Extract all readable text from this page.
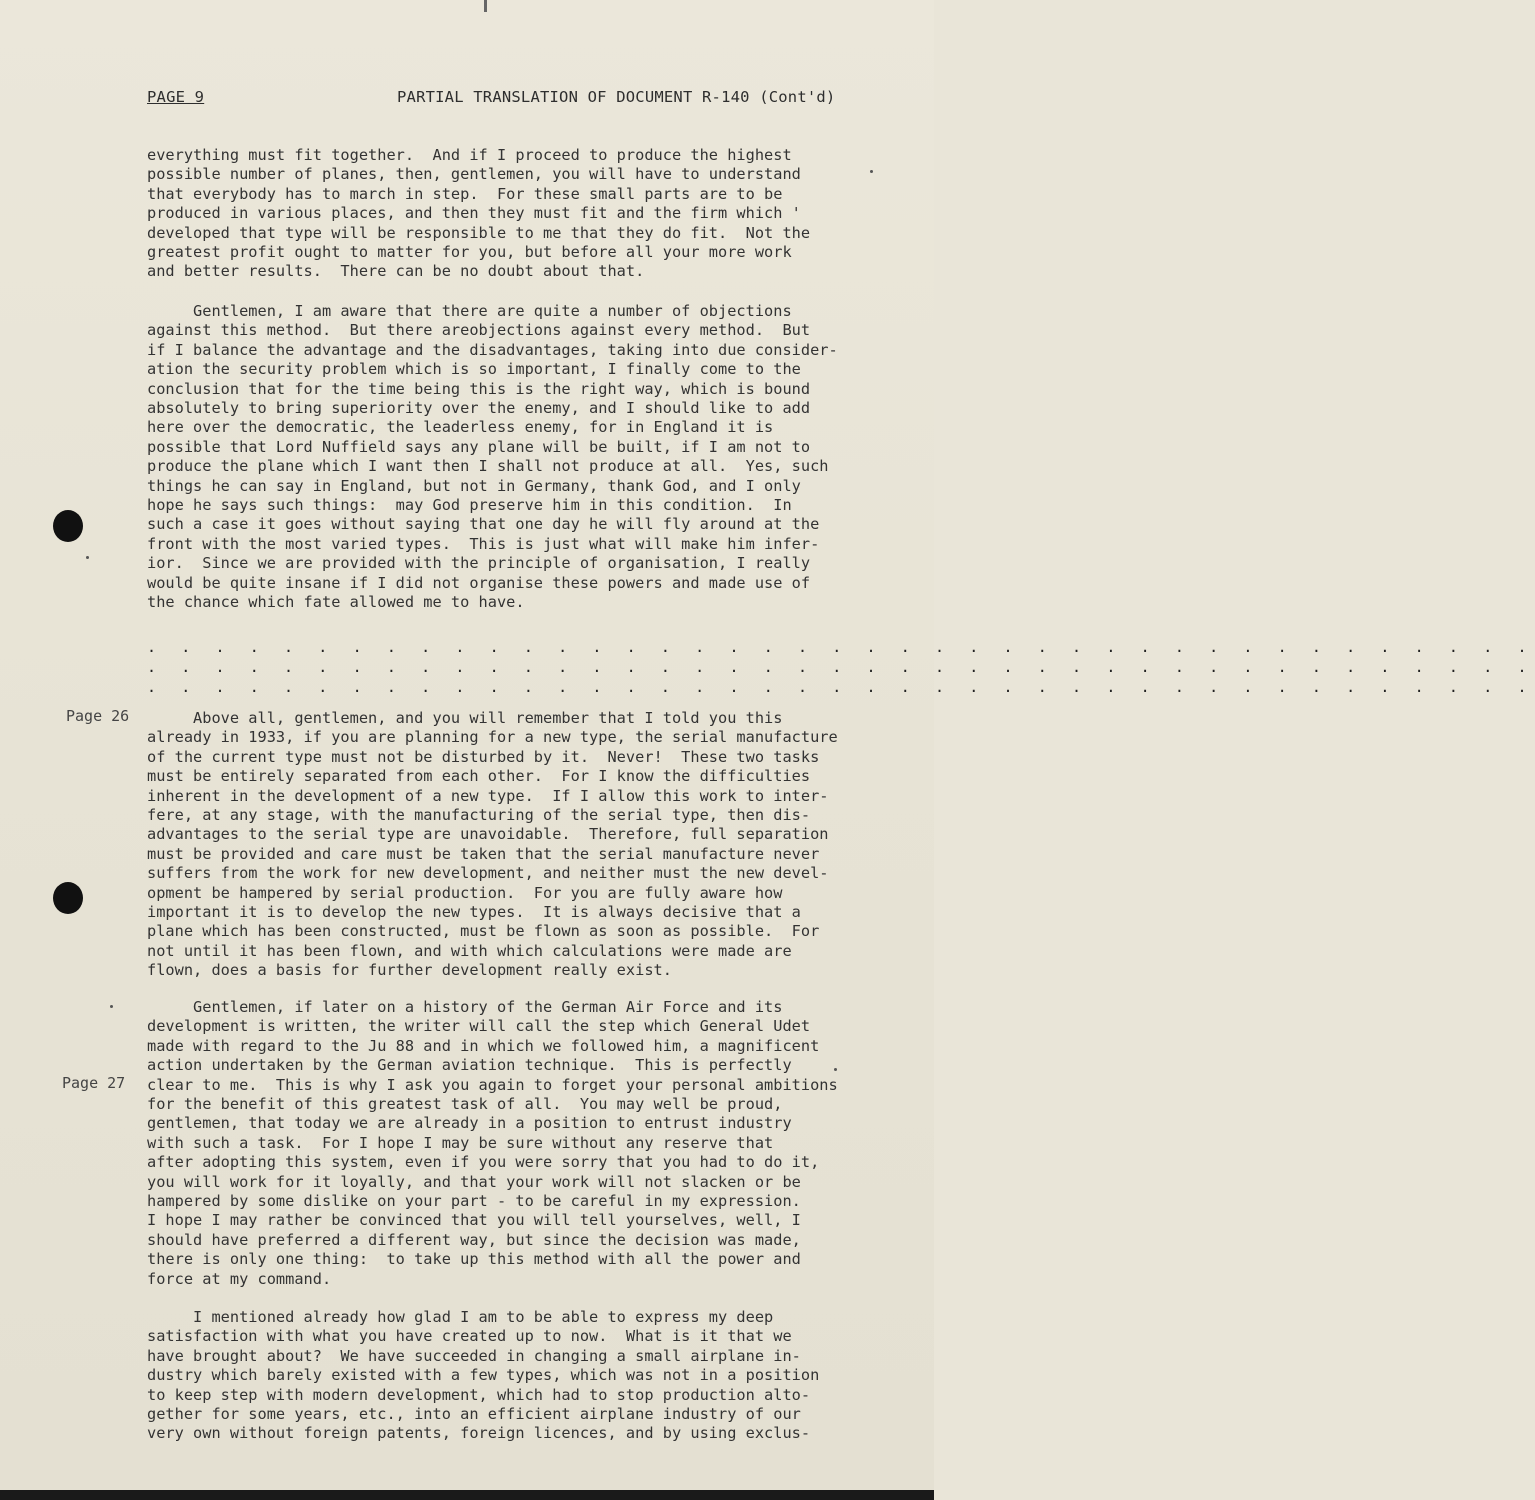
PAGE 9	PARTIAL TRANSLATION OF DOCUMENT R-140 (Cont'd)
everything must fit together.  And if I proceed to produce the highest
possible number of planes, then, gentlemen, you will have to understand
that everybody has to march in step.  For these small parts are to be
produced in various places, and then they must fit and the firm which '
developed that type will be responsible to me that they do fit.  Not the
greatest profit ought to matter for you, but before all your more work
and better results.  There can be no doubt about that.
Gentlemen, I am aware that there are quite a number of objections
against this method.  But there areobjections against every method.  But
if I balance the advantage and the disadvantages, taking into due consider-
ation the security problem which is so important, I finally come to the
conclusion that for the time being this is the right way, which is bound
absolutely to bring superiority over the enemy, and I should like to add
here over the democratic, the leaderless enemy, for in England it is
possible that Lord Nuffield says any plane will be built, if I am not to
produce the plane which I want then I shall not produce at all.  Yes, such
things he can say in England, but not in Germany, thank God, and I only
hope he says such things:  may God preserve him in this condition.  In
such a case it goes without saying that one day he will fly around at the
front with the most varied types.  This is just what will make him infer-
ior.  Since we are provided with the principle of organisation, I really
would be quite insane if I did not organise these powers and made use of
the chance which fate allowed me to have.
. . . . . . . . . . . . . . . . . . . . . . . . . . . . . . . . . . . . . . . . .
. . . . . . . . . . . . . . . . . . . . . . . . . . . . . . . . . . . . . . . . .
. . . . . . . . . . . . . . . . . . . . . . . . . . . . . . . . . . . . . . . . .
Page 26	Above all, gentlemen, and you will remember that I told you this
already in 1933, if you are planning for a new type, the serial manufacture
of the current type must not be disturbed by it.  Never!  These two tasks
must be entirely separated from each other.  For I know the difficulties
inherent in the development of a new type.  If I allow this work to inter-
fere, at any stage, with the manufacturing of the serial type, then dis-
advantages to the serial type are unavoidable.  Therefore, full separation
must be provided and care must be taken that the serial manufacture never
suffers from the work for new development, and neither must the new devel-
opment be hampered by serial production.  For you are fully aware how
important it is to develop the new types.  It is always decisive that a
plane which has been constructed, must be flown as soon as possible.  For
not until it has been flown, and with which calculations were made are
flown, does a basis for further development really exist.
Gentlemen, if later on a history of the German Air Force and its
development is written, the writer will call the step which General Udet
made with regard to the Ju 88 and in which we followed him, a magnificent
action undertaken by the German aviation technique.  This is perfectly
clear to me.  This is why I ask you again to forget your personal ambitions
for the benefit of this greatest task of all.  You may well be proud,
gentlemen, that today we are already in a position to entrust industry
with such a task.  For I hope I may be sure without any reserve that
after adopting this system, even if you were sorry that you had to do it,
you will work for it loyally, and that your work will not slacken or be
hampered by some dislike on your part - to be careful in my expression.
I hope I may rather be convinced that you will tell yourselves, well, I
should have preferred a different way, but since the decision was made,
there is only one thing:  to take up this method with all the power and
force at my command.
Page 27
I mentioned already how glad I am to be able to express my deep
satisfaction with what you have created up to now.  What is it that we
have brought about?  We have succeeded in changing a small airplane in-
dustry which barely existed with a few types, which was not in a position
to keep step with modern development, which had to stop production alto-
gether for some years, etc., into an efficient airplane industry of our
very own without foreign patents, foreign licences, and by using exclus-
